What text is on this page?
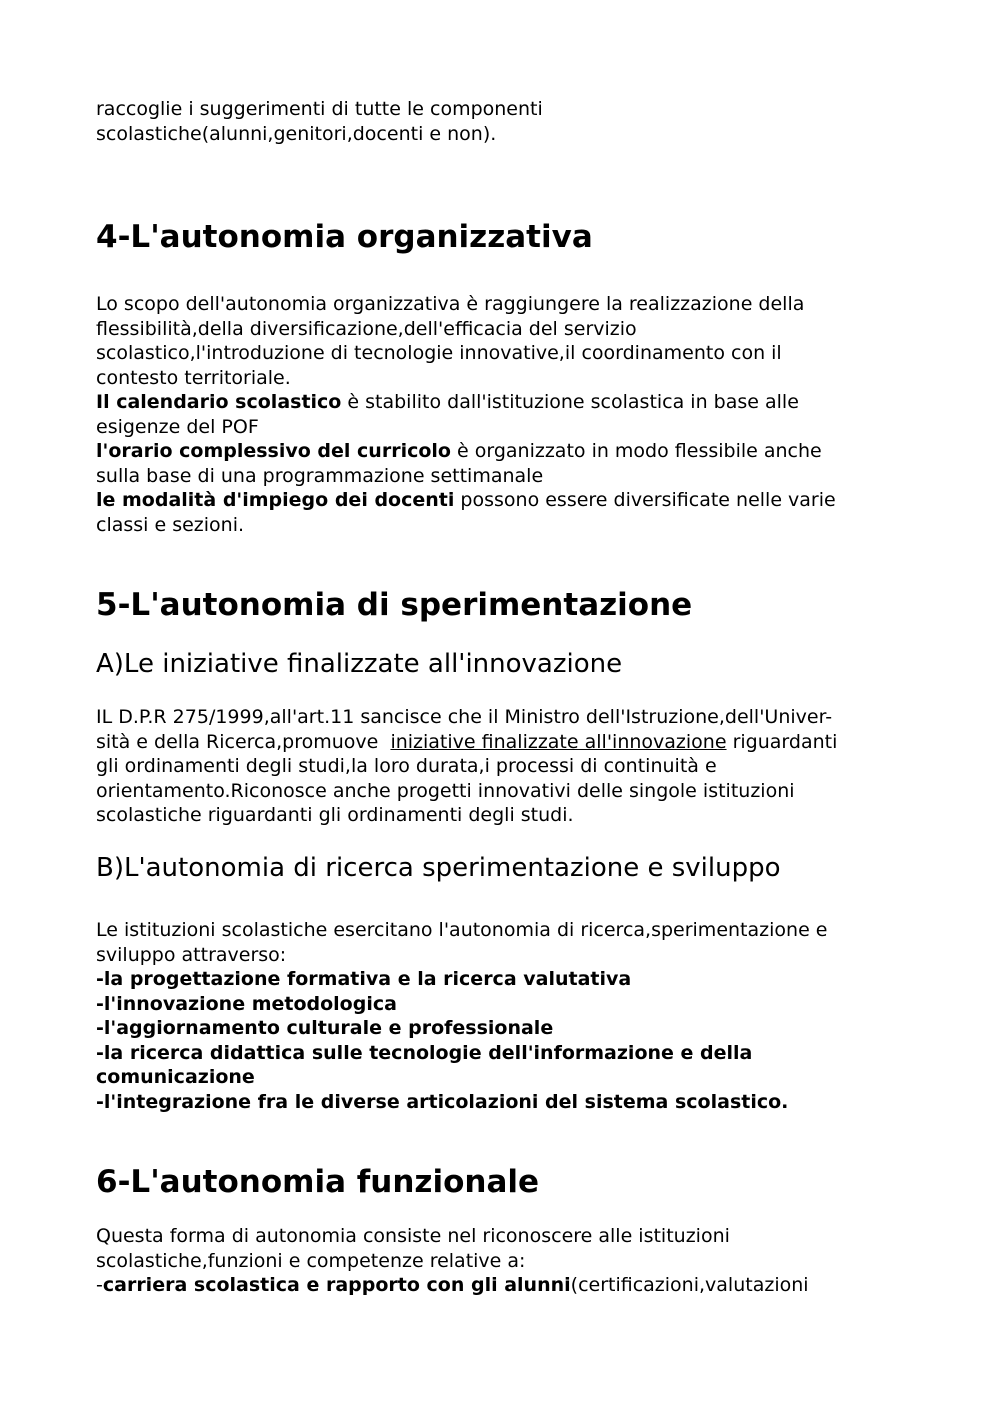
raccoglie i suggerimenti di tutte le componenti
scolastiche(alunni,genitori,docenti e non).

4-L'autonomia organizzativa

Lo scopo dell'autonomia organizzativa è raggiungere la realizzazione della
flessibilità,della diversificazione,dell'efficacia del servizio
scolastico,l'introduzione di tecnologie innovative,il coordinamento con il
contesto territoriale.
Il calendario scolastico è stabilito dall'istituzione scolastica in base alle
esigenze del POF
l'orario complessivo del curricolo è organizzato in modo flessibile anche
sulla base di una programmazione settimanale
le modalità d'impiego dei docenti possono essere diversificate nelle varie
classi e sezioni.

5-L'autonomia di sperimentazione
A)Le iniziative finalizzate all'innovazione

IL D.P.R 275/1999,all'art.11 sancisce che il Ministro dell'Istruzione,dell'Univer-
sità e della Ricerca,promuove  iniziative finalizzate all'innovazione riguardanti
gli ordinamenti degli studi,la loro durata,i processi di continuità e
orientamento.Riconosce anche progetti innovativi delle singole istituzioni
scolastiche riguardanti gli ordinamenti degli studi.

B)L'autonomia di ricerca sperimentazione e sviluppo

Le istituzioni scolastiche esercitano l'autonomia di ricerca,sperimentazione e
sviluppo attraverso:
-la progettazione formativa e la ricerca valutativa
-l'innovazione metodologica
-l'aggiornamento culturale e professionale
-la ricerca didattica sulle tecnologie dell'informazione e della
comunicazione
-l'integrazione fra le diverse articolazioni del sistema scolastico.

6-L'autonomia funzionale

Questa forma di autonomia consiste nel riconoscere alle istituzioni
scolastiche,funzioni e competenze relative a:
-carriera scolastica e rapporto con gli alunni(certificazioni,valutazioni
